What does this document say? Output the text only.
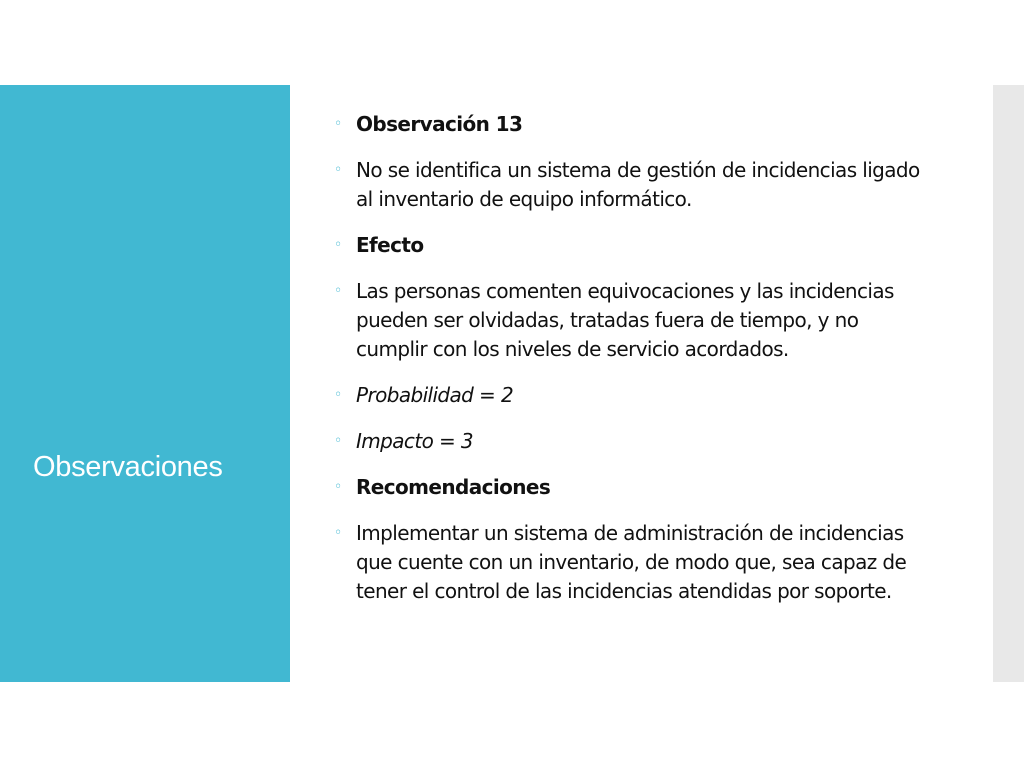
Observaciones
◦ Observación 13
◦ No se identifica un sistema de gestión de incidencias ligado al inventario de equipo informático.
◦ Efecto
◦ Las personas comenten equivocaciones y las incidencias pueden ser olvidadas, tratadas fuera de tiempo, y no cumplir con los niveles de servicio acordados.
◦ Probabilidad = 2
◦ Impacto = 3
◦ Recomendaciones
◦ Implementar un sistema de administración de incidencias que cuente con un inventario, de modo que, sea capaz de tener el control de las incidencias atendidas por soporte.
